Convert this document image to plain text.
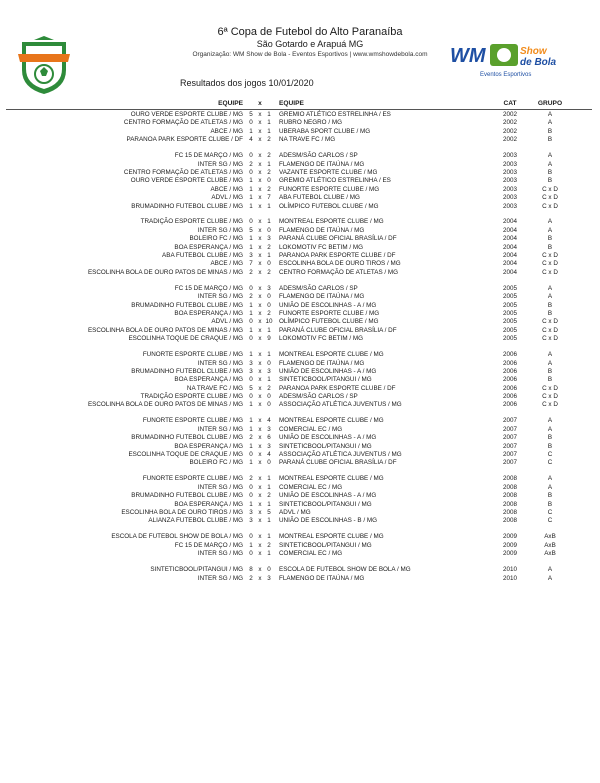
6ª Copa de Futebol do Alto Paranaíba
São Gotardo e Arapuá MG
Organização: WM Show de Bola - Eventos Esportivos | www.wmshowdebola.com	WM	Show
de Bola
Eventos Esportivos
Resultados dos jogos 10/01/2020
EQUIPE	x	EQUIPE	CAT	GRUPO
OURO VERDE ESPORTE CLUBE / MG 5 x 1	GREMIO ATLÉTICO ESTRELINHA / ES	2002	A
CENTRO FORMAÇÃO DE ATLETAS / MG 0 x 1	RUBRO NEGRO / MG	2002	A
ABCE / MG 1 x 1	UBERABA SPORT CLUBE / MG	2002	B
PARANOA PARK ESPORTE CLUBE / DF 4 x 2	NA TRAVE FC / MG	2002	B
FC 15 DE MARÇO / MG 0 x 2	ADESM/SÃO CARLOS / SP	2003	A
INTER SG / MG 2 x 1	FLAMENGO DE ITAÚNA / MG	2003	A
CENTRO FORMAÇÃO DE ATLETAS / MG 0 x 2	VAZANTE ESPORTE CLUBE / MG	2003	B
OURO VERDE ESPORTE CLUBE / MG 1 x 0	GREMIO ATLÉTICO ESTRELINHA / ES	2003	B
ABCE / MG 1 x 2	FUNORTE ESPORTE CLUBE / MG	2003	C x D
ADVL / MG 1 x 7	ABA FUTEBOL CLUBE / MG	2003	C x D
BRUMADINHO FUTEBOL CLUBE / MG 1 x 1	OLÍMPICO FUTEBOL CLUBE / MG	2003	C x D
TRADIÇÃO ESPORTE CLUBE / MG 0 x 1	MONTREAL ESPORTE CLUBE / MG	2004	A
INTER SG / MG 5 x 0	FLAMENGO DE ITAÚNA / MG	2004	A
BOLEIRO FC / MG 1 x 3	PARANÁ CLUBE OFICIAL BRASÍLIA / DF	2004	B
BOA ESPERANÇA / MG 1 x 2	LOKOMOTIV FC BETIM / MG	2004	B
ABA FUTEBOL CLUBE / MG 3 x 1	PARANOA PARK ESPORTE CLUBE / DF	2004	C x D
ABCE / MG 7 x 0	ESCOLINHA BOLA DE OURO TIROS / MG	2004	C x D
ESCOLINHA BOLA DE OURO PATOS DE MINAS / MG 2 x 2	CENTRO FORMAÇÃO DE ATLETAS / MG	2004	C x D
FC 15 DE MARÇO / MG 0 x 3	ADESM/SÃO CARLOS / SP	2005	A
INTER SG / MG 2 x 0	FLAMENGO DE ITAÚNA / MG	2005	A
BRUMADINHO FUTEBOL CLUBE / MG 1 x 0	UNIÃO DE ESCOLINHAS - A / MG	2005	B
BOA ESPERANÇA / MG 1 x 2	FUNORTE ESPORTE CLUBE / MG	2005	B
ADVL / MG 0 x 10	OLÍMPICO FUTEBOL CLUBE / MG	2005	C x D
ESCOLINHA BOLA DE OURO PATOS DE MINAS / MG 1 x 1	PARANÁ CLUBE OFICIAL BRASÍLIA / DF	2005	C x D
ESCOLINHA TOQUE DE CRAQUE / MG 0 x 9	LOKOMOTIV FC BETIM / MG	2005	C x D
FUNORTE ESPORTE CLUBE / MG 1 x 1	MONTREAL ESPORTE CLUBE / MG	2006	A
INTER SG / MG 3 x 0	FLAMENGO DE ITAÚNA / MG	2006	A
BRUMADINHO FUTEBOL CLUBE / MG 3 x 3	UNIÃO DE ESCOLINHAS - A / MG	2006	B
BOA ESPERANÇA / MG 0 x 1	SINTETICBOOL/PITANGUI / MG	2006	B
NA TRAVE FC / MG 5 x 2	PARANOA PARK ESPORTE CLUBE / DF	2006	C x D
TRADIÇÃO ESPORTE CLUBE / MG 0 x 0	ADESM/SÃO CARLOS / SP	2006	C x D
ESCOLINHA BOLA DE OURO PATOS DE MINAS / MG 1 x 0	ASSOCIAÇÃO ATLÉTICA JUVENTUS / MG	2006	C x D
FUNORTE ESPORTE CLUBE / MG 1 x 4	MONTREAL ESPORTE CLUBE / MG	2007	A
INTER SG / MG 1 x 3	COMERCIAL EC / MG	2007	A
BRUMADINHO FUTEBOL CLUBE / MG 2 x 6	UNIÃO DE ESCOLINHAS - A / MG	2007	B
BOA ESPERANÇA / MG 1 x 3	SINTETICBOOL/PITANGUI / MG	2007	B
ESCOLINHA TOQUE DE CRAQUE / MG 0 x 4	ASSOCIAÇÃO ATLÉTICA JUVENTUS / MG	2007	C
BOLEIRO FC / MG 1 x 0	PARANÁ CLUBE OFICIAL BRASÍLIA / DF	2007	C
FUNORTE ESPORTE CLUBE / MG 2 x 1	MONTREAL ESPORTE CLUBE / MG	2008	A
INTER SG / MG 0 x 1	COMERCIAL EC / MG	2008	A
BRUMADINHO FUTEBOL CLUBE / MG 0 x 2	UNIÃO DE ESCOLINHAS - A / MG	2008	B
BOA ESPERANÇA / MG 1 x 1	SINTETICBOOL/PITANGUI / MG	2008	B
ESCOLINHA BOLA DE OURO TIROS / MG 3 x 5	ADVL / MG	2008	C
ALIANZA FUTEBOL CLUBE / MG 3 x 1	UNIÃO DE ESCOLINHAS - B / MG	2008	C
ESCOLA DE FUTEBOL SHOW DE BOLA / MG 0 x 1	MONTREAL ESPORTE CLUBE / MG	2009	AxB
FC 15 DE MARÇO / MG 1 x 2	SINTETICBOOL/PITANGUI / MG	2009	AxB
INTER SG / MG 0 x 1	COMERCIAL EC / MG	2009	AxB
SINTETICBOOL/PITANGUI / MG 8 x 0	ESCOLA DE FUTEBOL SHOW DE BOLA / MG	2010	A
INTER SG / MG 2 x 3	FLAMENGO DE ITAÚNA / MG	2010	A
